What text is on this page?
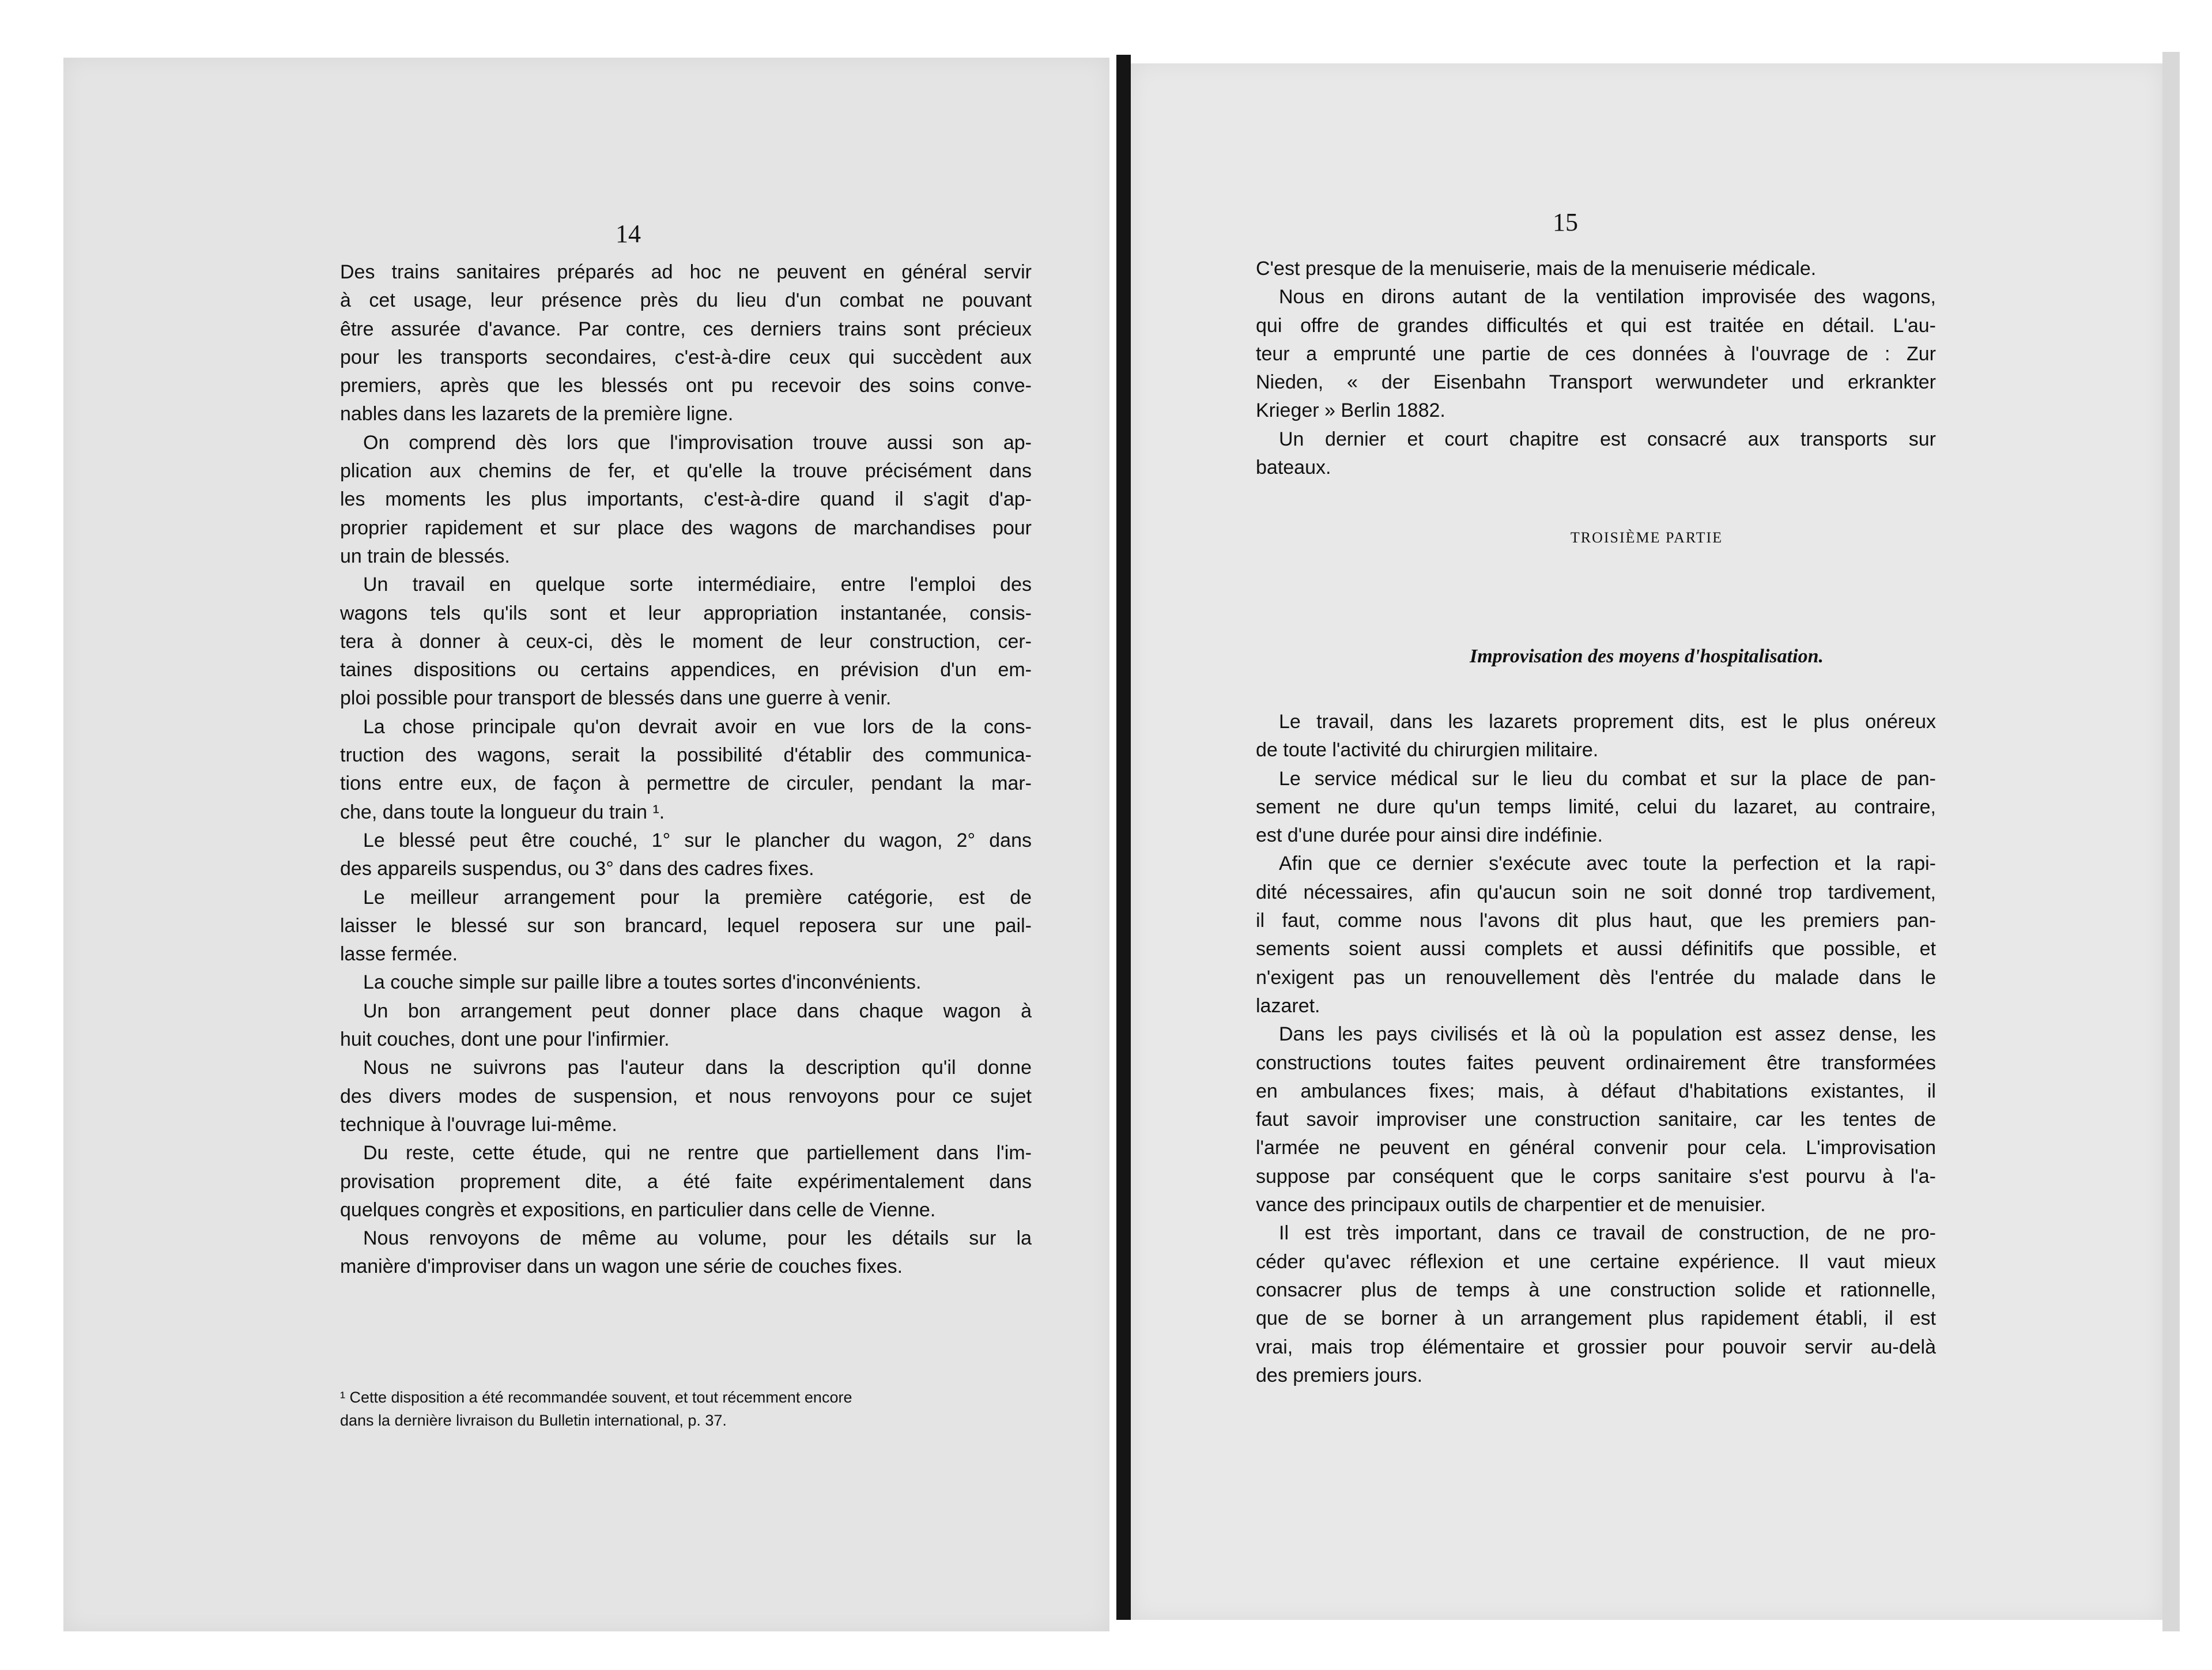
14
Des trains sanitaires préparés ad hoc ne peuvent en général servir
à cet usage, leur présence près du lieu d'un combat ne pouvant
être assurée d'avance. Par contre, ces derniers trains sont précieux
pour les transports secondaires, c'est-à-dire ceux qui succèdent aux
premiers, après que les blessés ont pu recevoir des soins conve-
nables dans les lazarets de la première ligne.
On comprend dès lors que l'improvisation trouve aussi son ap-
plication aux chemins de fer, et qu'elle la trouve précisément dans
les moments les plus importants, c'est-à-dire quand il s'agit d'ap-
proprier rapidement et sur place des wagons de marchandises pour
un train de blessés.
Un travail en quelque sorte intermédiaire, entre l'emploi des
wagons tels qu'ils sont et leur appropriation instantanée, consis-
tera à donner à ceux-ci, dès le moment de leur construction, cer-
taines dispositions ou certains appendices, en prévision d'un em-
ploi possible pour transport de blessés dans une guerre à venir.
La chose principale qu'on devrait avoir en vue lors de la cons-
truction des wagons, serait la possibilité d'établir des communica-
tions entre eux, de façon à permettre de circuler, pendant la mar-
che, dans toute la longueur du train ¹.
Le blessé peut être couché, 1° sur le plancher du wagon, 2° dans
des appareils suspendus, ou 3° dans des cadres fixes.
Le meilleur arrangement pour la première catégorie, est de
laisser le blessé sur son brancard, lequel reposera sur une pail-
lasse fermée.
La couche simple sur paille libre a toutes sortes d'inconvénients.
Un bon arrangement peut donner place dans chaque wagon à
huit couches, dont une pour l'infirmier.
Nous ne suivrons pas l'auteur dans la description qu'il donne
des divers modes de suspension, et nous renvoyons pour ce sujet
technique à l'ouvrage lui-même.
Du reste, cette étude, qui ne rentre que partiellement dans l'im-
provisation proprement dite, a été faite expérimentalement dans
quelques congrès et expositions, en particulier dans celle de Vienne.
Nous renvoyons de même au volume, pour les détails sur la
manière d'improviser dans un wagon une série de couches fixes.
¹ Cette disposition a été recommandée souvent, et tout récemment encore
dans la dernière livraison du Bulletin international, p. 37.
15
C'est presque de la menuiserie, mais de la menuiserie médicale.
Nous en dirons autant de la ventilation improvisée des wagons,
qui offre de grandes difficultés et qui est traitée en détail. L'au-
teur a emprunté une partie de ces données à l'ouvrage de : Zur
Nieden, « der Eisenbahn Transport werwundeter und erkrankter
Krieger » Berlin 1882.
Un dernier et court chapitre est consacré aux transports sur
bateaux.
TROISIÈME PARTIE
Improvisation des moyens d'hospitalisation.
Le travail, dans les lazarets proprement dits, est le plus onéreux
de toute l'activité du chirurgien militaire.
Le service médical sur le lieu du combat et sur la place de pan-
sement ne dure qu'un temps limité, celui du lazaret, au contraire,
est d'une durée pour ainsi dire indéfinie.
Afin que ce dernier s'exécute avec toute la perfection et la rapi-
dité nécessaires, afin qu'aucun soin ne soit donné trop tardivement,
il faut, comme nous l'avons dit plus haut, que les premiers pan-
sements soient aussi complets et aussi définitifs que possible, et
n'exigent pas un renouvellement dès l'entrée du malade dans le
lazaret.
Dans les pays civilisés et là où la population est assez dense, les
constructions toutes faites peuvent ordinairement être transformées
en ambulances fixes; mais, à défaut d'habitations existantes, il
faut savoir improviser une construction sanitaire, car les tentes de
l'armée ne peuvent en général convenir pour cela. L'improvisation
suppose par conséquent que le corps sanitaire s'est pourvu à l'a-
vance des principaux outils de charpentier et de menuisier.
Il est très important, dans ce travail de construction, de ne pro-
céder qu'avec réflexion et une certaine expérience. Il vaut mieux
consacrer plus de temps à une construction solide et rationnelle,
que de se borner à un arrangement plus rapidement établi, il est
vrai, mais trop élémentaire et grossier pour pouvoir servir au-delà
des premiers jours.
